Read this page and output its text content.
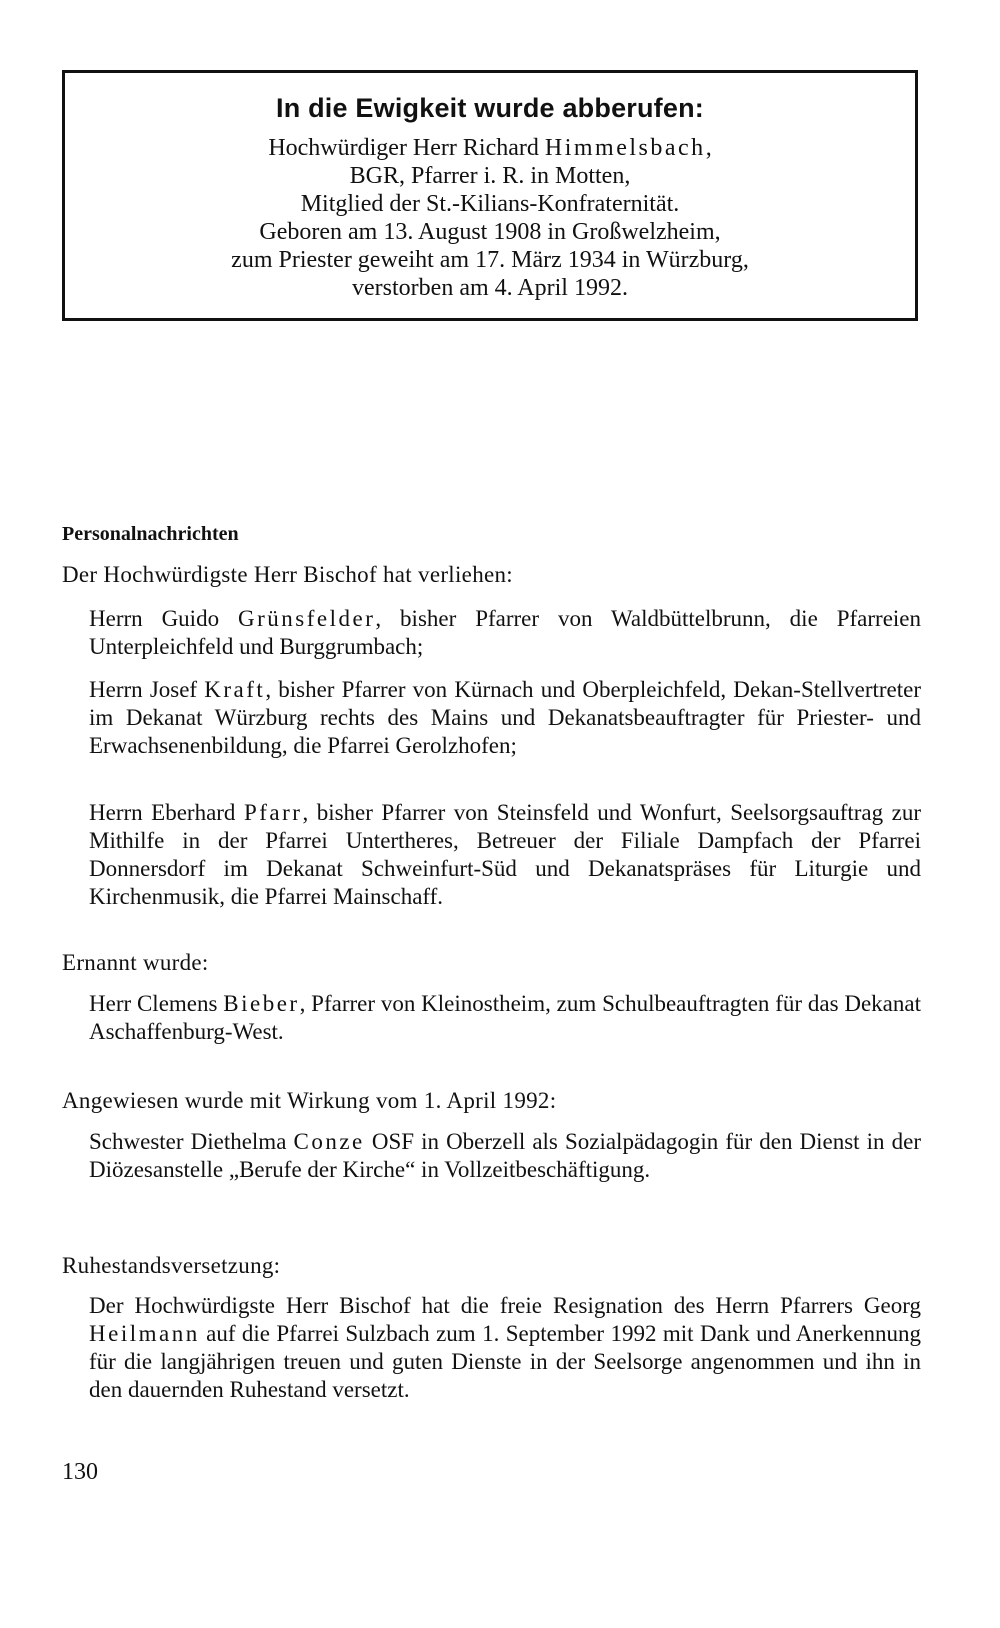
In die Ewigkeit wurde abberufen:
Hochwürdiger Herr Richard Himmelsbach,
BGR, Pfarrer i. R. in Motten,
Mitglied der St.-Kilians-Konfraternität.
Geboren am 13. August 1908 in Großwelzheim,
zum Priester geweiht am 17. März 1934 in Würzburg,
verstorben am 4. April 1992.
Personalnachrichten
Der Hochwürdigste Herr Bischof hat verliehen:
Herrn Guido Grünsfelder, bisher Pfarrer von Waldbüttelbrunn, die Pfarreien Unterpleichfeld und Burggrumbach;
Herrn Josef Kraft, bisher Pfarrer von Kürnach und Oberpleichfeld, Dekan-Stellvertreter im Dekanat Würzburg rechts des Mains und Dekanatsbeauftragter für Priester- und Erwachsenenbildung, die Pfarrei Gerolzhofen;
Herrn Eberhard Pfarr, bisher Pfarrer von Steinsfeld und Wonfurt, Seelsorgsauftrag zur Mithilfe in der Pfarrei Untertheres, Betreuer der Filiale Dampfach der Pfarrei Donnersdorf im Dekanat Schweinfurt-Süd und Dekanatspräses für Liturgie und Kirchenmusik, die Pfarrei Mainschaff.
Ernannt wurde:
Herr Clemens Bieber, Pfarrer von Kleinostheim, zum Schulbeauftragten für das Dekanat Aschaffenburg-West.
Angewiesen wurde mit Wirkung vom 1. April 1992:
Schwester Diethelma Conze OSF in Oberzell als Sozialpädagogin für den Dienst in der Diözesanstelle „Berufe der Kirche“ in Vollzeitbeschäftigung.
Ruhestandsversetzung:
Der Hochwürdigste Herr Bischof hat die freie Resignation des Herrn Pfarrers Georg Heilmann auf die Pfarrei Sulzbach zum 1. September 1992 mit Dank und Anerkennung für die langjährigen treuen und guten Dienste in der Seelsorge angenommen und ihn in den dauernden Ruhestand versetzt.
130
